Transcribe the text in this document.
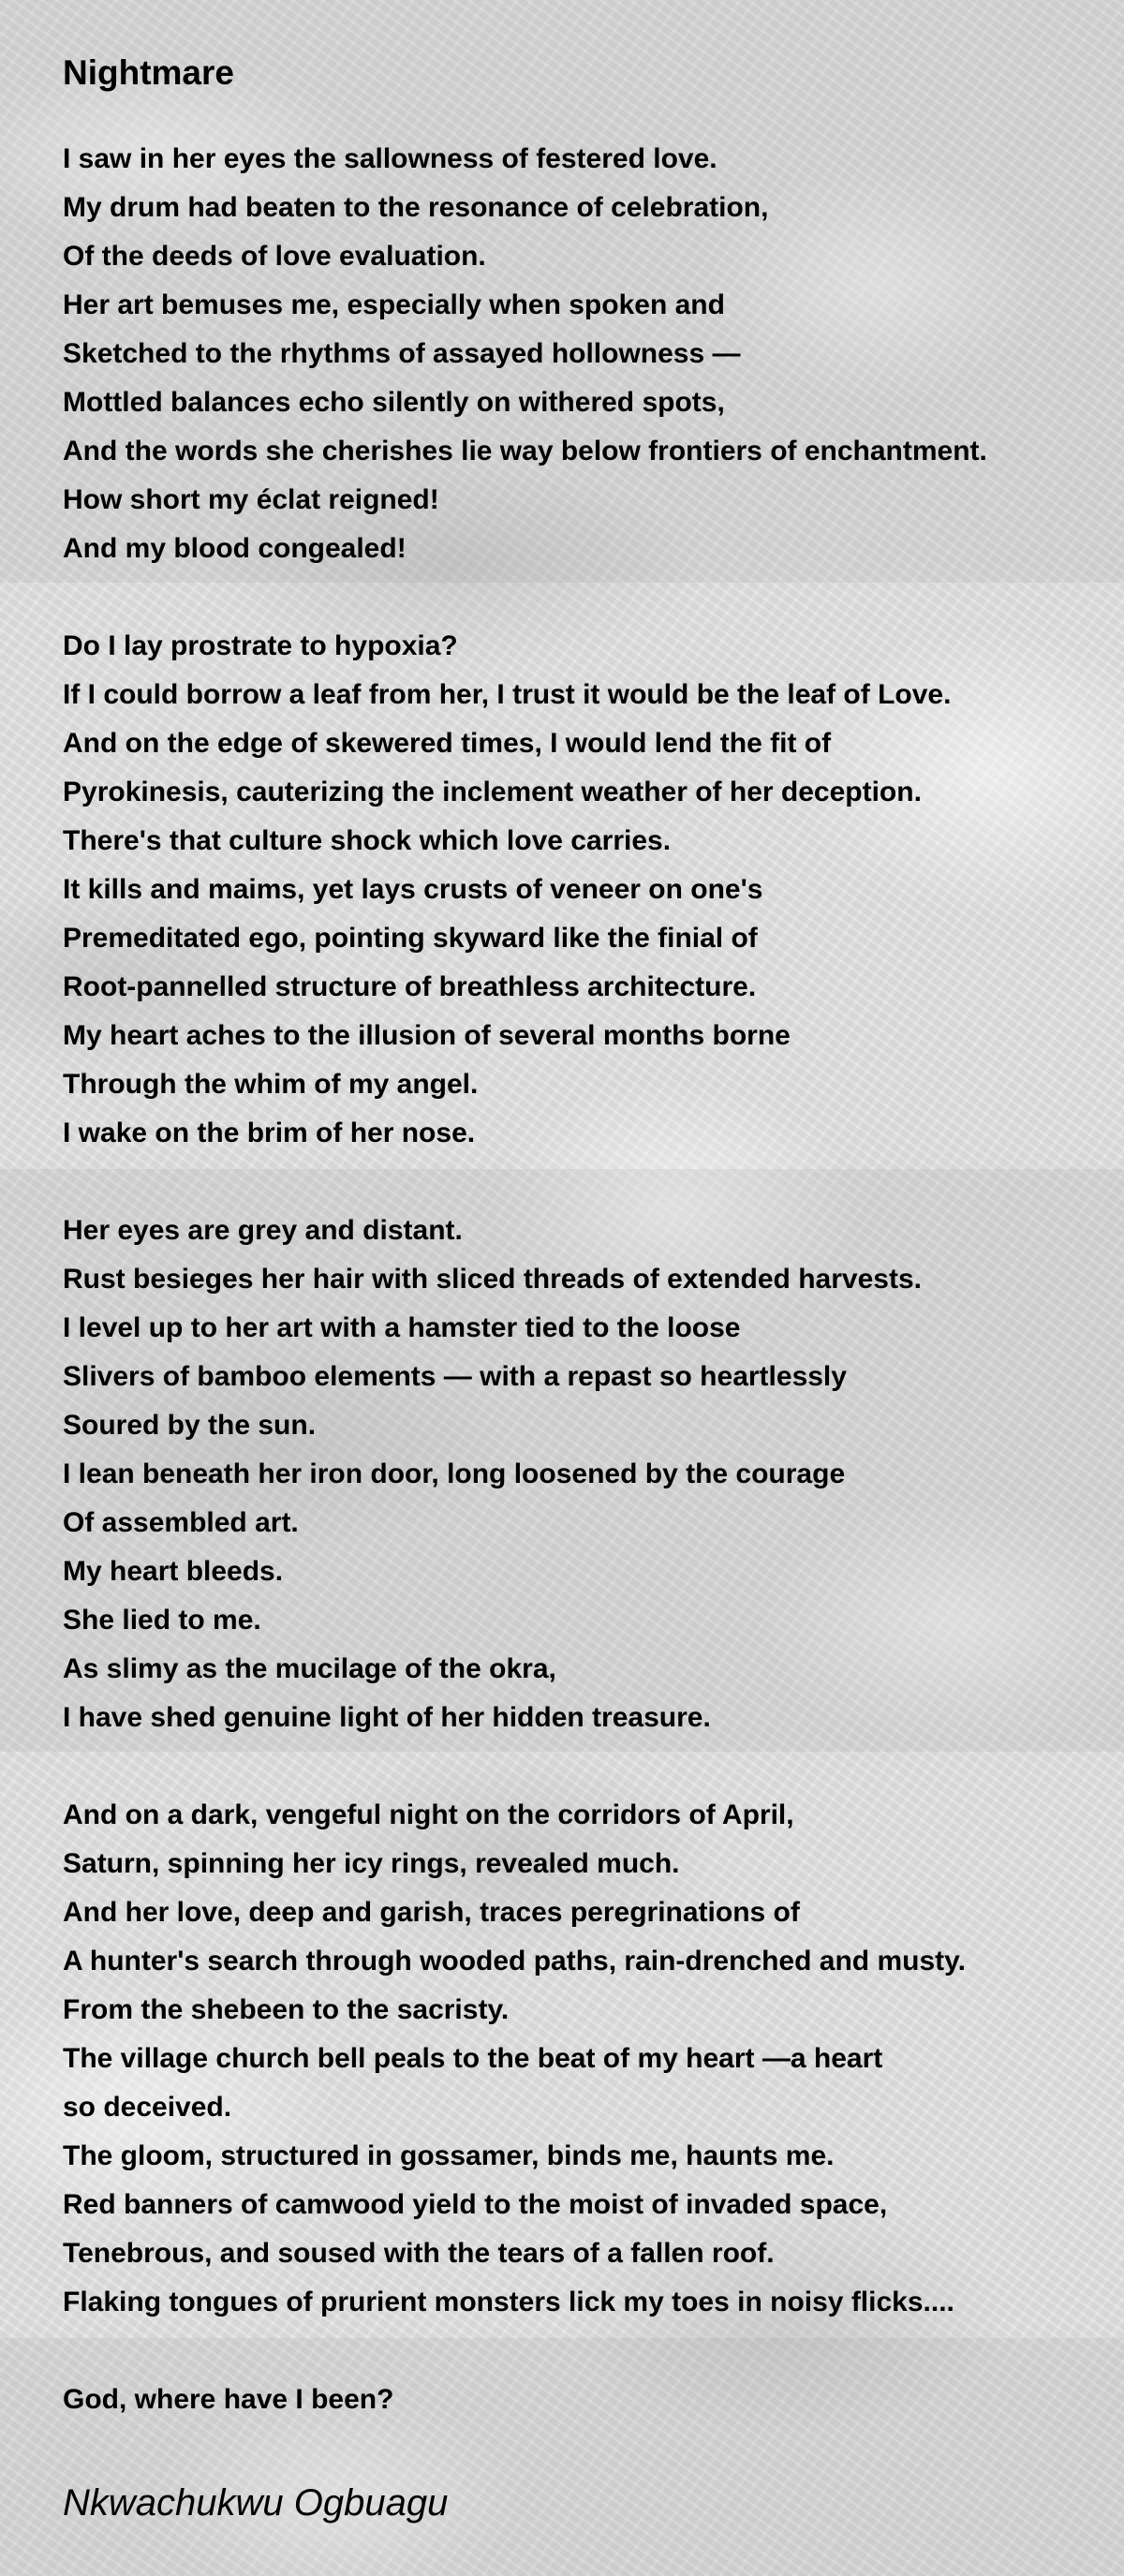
Nightmare
I saw in her eyes the sallowness of festered love.
My drum had beaten to the resonance of celebration,
Of the deeds of love evaluation.
Her art bemuses me, especially when spoken and
Sketched to the rhythms of assayed hollowness —
Mottled balances echo silently on withered spots,
And the words she cherishes lie way below frontiers of enchantment.
How short my éclat reigned!
And my blood congealed!
Do I lay prostrate to hypoxia?
If I could borrow a leaf from her, I trust it would be the leaf of Love.
And on the edge of skewered times, I would lend the fit of
Pyrokinesis, cauterizing the inclement weather of her deception.
There's that culture shock which love carries.
It kills and maims, yet lays crusts of veneer on one's
Premeditated ego, pointing skyward like the finial of
Root-pannelled structure of breathless architecture.
My heart aches to the illusion of several months borne
Through the whim of my angel.
I wake on the brim of her nose.
Her eyes are grey and distant.
Rust besieges her hair with sliced threads of extended harvests.
I level up to her art with a hamster tied to the loose
Slivers of bamboo elements — with a repast so heartlessly
Soured by the sun.
I lean beneath her iron door, long loosened by the courage
Of assembled art.
My heart bleeds.
She lied to me.
As slimy as the mucilage of the okra,
I have shed genuine light of her hidden treasure.
And on a dark, vengeful night on the corridors of April,
Saturn, spinning her icy rings, revealed much.
And her love, deep and garish, traces peregrinations of
A hunter's search through wooded paths, rain-drenched and musty.
From the shebeen to the sacristy.
The village church bell peals to the beat of my heart —a heart
so deceived.
The gloom, structured in gossamer, binds me, haunts me.
Red banners of camwood yield to the moist of invaded space,
Tenebrous, and soused with the tears of a fallen roof.
Flaking tongues of prurient monsters lick my toes in noisy flicks....
God, where have I been?
Nkwachukwu Ogbuagu
